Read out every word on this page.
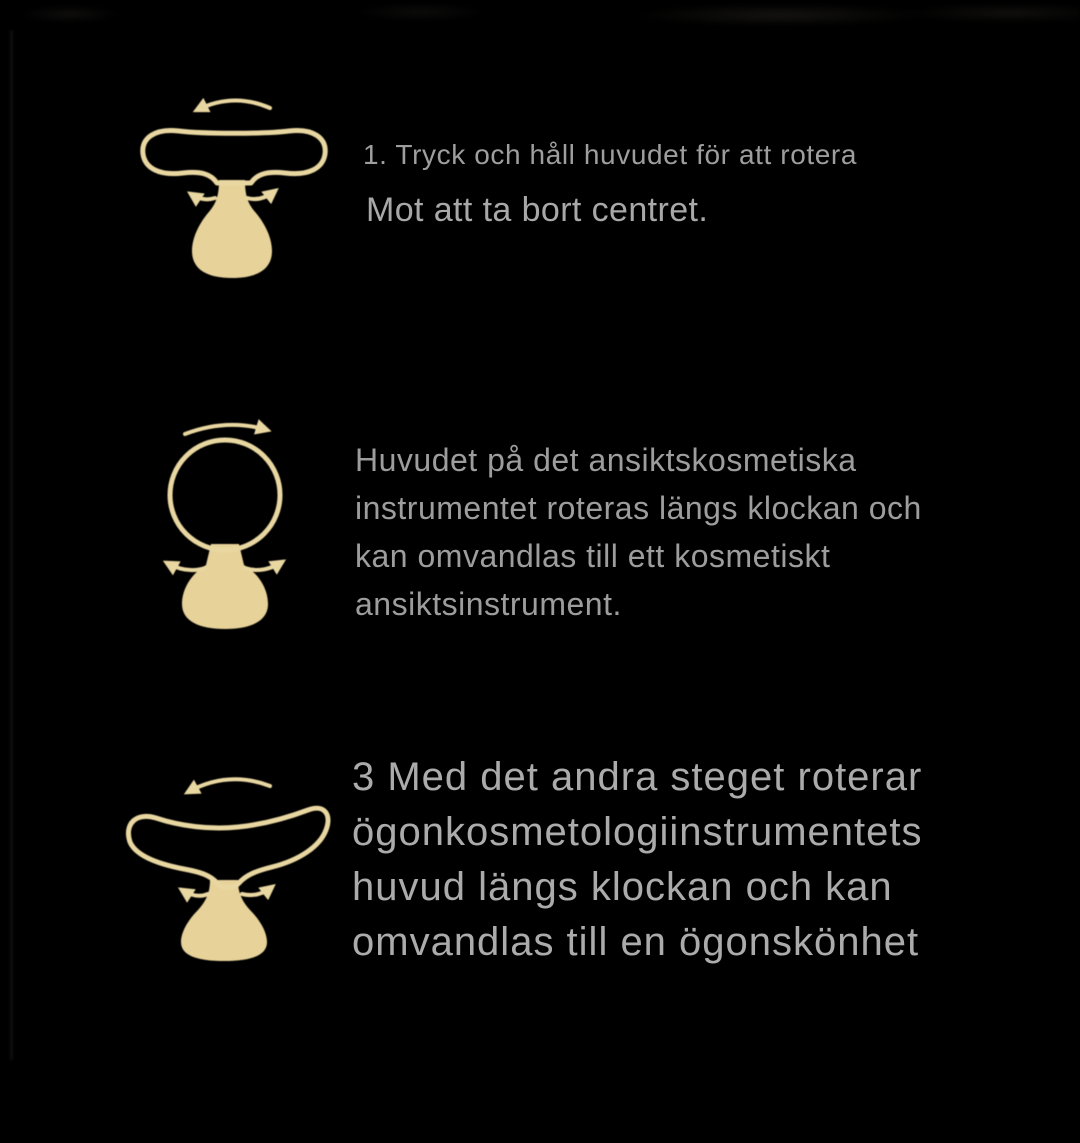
1. Tryck och håll huvudet för att rotera
Mot att ta bort centret.
Huvudet på det ansiktskosmetiska
instrumentet roteras längs klockan och
kan omvandlas till ett kosmetiskt
ansiktsinstrument.
3 Med det andra steget roterar
ögonkosmetologiinstrumentets
huvud längs klockan och kan
omvandlas till en ögonskönhet
